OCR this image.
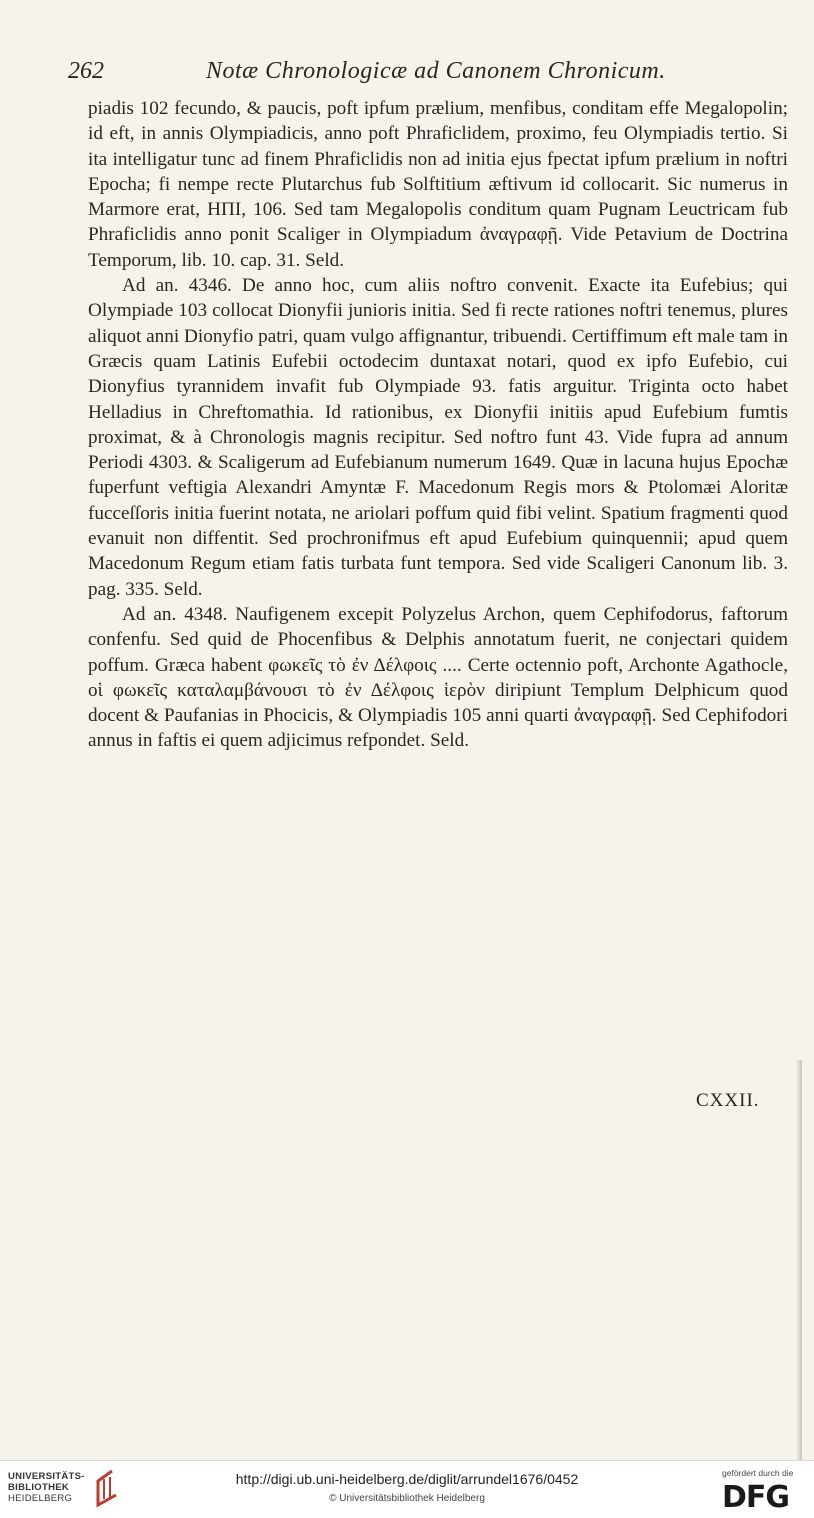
262	Notæ Chronologicæ ad Canonem Chronicum.

piadis 102 fecundo, & paucis, poft ipfum prælium, menfibus, conditam effe Megalopolin; id eft, in annis Olympiadicis, anno poft Phraficlidem, proximo, feu Olympiadis tertio. Si ita intelligatur tunc ad finem Phraficlidis non ad initia ejus fpectat ipfum prælium in noftri Epocha; fi nempe recte Plutarchus fub Solftitium æftivum id collocarit. Sic numerus in Marmore erat, HΠI, 106. Sed tam Megalopolis conditum quam Pugnam Leuctricam fub Phraficlidis anno ponit Scaliger in Olympiadum ἀναγραφῇ. Vide Petavium de Doctrina Temporum, lib. 10. cap. 31. Seld.

Ad an. 4346. De anno hoc, cum aliis noftro convenit. Exacte ita Eufebius; qui Olympiade 103 collocat Dionyfii junioris initia. Sed fi recte rationes noftri tenemus, plures aliquot anni Dionyfio patri, quam vulgo affignantur, tribuendi. Certiffimum eft male tam in Græcis quam Latinis Eufebii octodecim duntaxat notari, quod ex ipfo Eufebio, cui Dionyfius tyrannidem invafit fub Olympiade 93. fatis arguitur. Triginta octo habet Helladius in Chreftomathia. Id rationibus, ex Dionyfii initiis apud Eufebium fumtis proximat, & à Chronologis magnis recipitur. Sed noftro funt 43. Vide fupra ad annum Periodi 4303. & Scaligerum ad Eufebianum numerum 1649. Quæ in lacuna hujus Epochæ fuperfunt veftigia Alexandri Amyntæ F. Macedonum Regis mors & Ptolomæi Aloritæ fucceſſoris initia fuerint notata, ne ariolari poffum quid fibi velint. Spatium fragmenti quod evanuit non diffentit. Sed prochronifmus eft apud Eufebium quinquennii; apud quem Macedonum Regum etiam fatis turbata funt tempora. Sed vide Scaligeri Canonum lib. 3. pag. 335. Seld.

Ad an. 4348. Naufigenem excepit Polyzelus Archon, quem Cephifodorus, faftorum confenfu. Sed quid de Phocenfibus & Delphis annotatum fuerit, ne conjectari quidem poffum. Græca habent φωκεῖς τὸ ἐν Δέλφοις .... Certe octennio poft, Archonte Agathocle, οἱ φωκεῖς καταλαμβάνουσι τὸ ἐν Δέλφοις ἱερὸν diripiunt Templum Delphicum quod docent & Paufanias in Phocicis, & Olympiadis 105 anni quarti ἀναγραφῇ. Sed Cephifodori annus in faftis ei quem adjicimus refpondet. Seld.

CXXII.
UNIVERSITÄTS-
BIBLIOTHEK
HEIDELBERG
http://digi.ub.uni-heidelberg.de/diglit/arrundel1676/0452
© Universitätsbibliothek Heidelberg
gefördert durch die
DFG
